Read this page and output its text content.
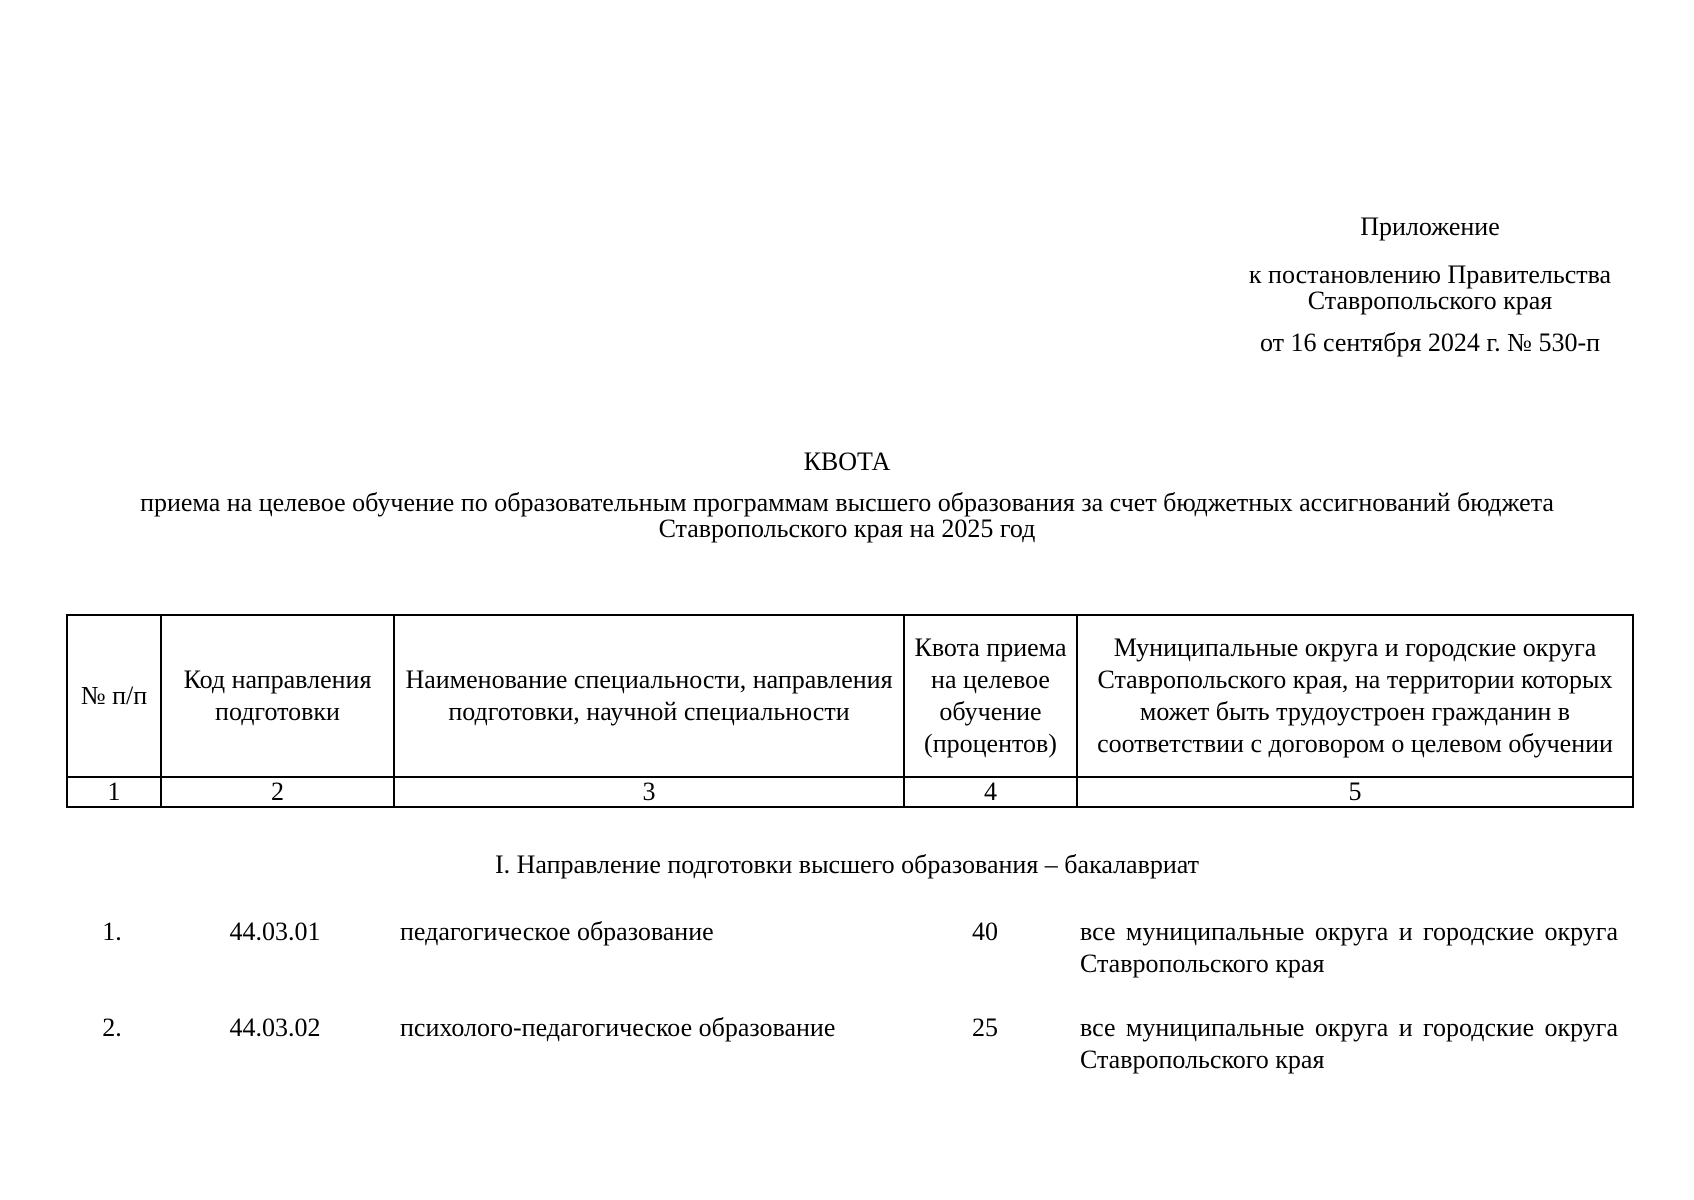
Приложение
к постановлению Правительства Ставропольского края
от 16 сентября 2024 г. № 530-п
КВОТА
приема на целевое обучение по образовательным программам высшего образования за счет бюджетных ассигнований бюджета Ставропольского края на 2025 год
№ п/п	Код направления подготовки	Наименование специальности, направления подготовки, научной специальности	Квота приема на целевое обучение (процентов)	Муниципальные округа и городские округа Ставропольского края, на территории которых может быть трудоустроен гражданин в соответствии с договором о целевом обучении
1	2	3	4	5
I. Направление подготовки высшего образования – бакалавриат
1.	44.03.01	педагогическое образование	40	все муниципальные округа и городские округа Ставропольского края
2.	44.03.02	психолого-педагогическое образование	25	все муниципальные округа и городские округа Ставропольского края
